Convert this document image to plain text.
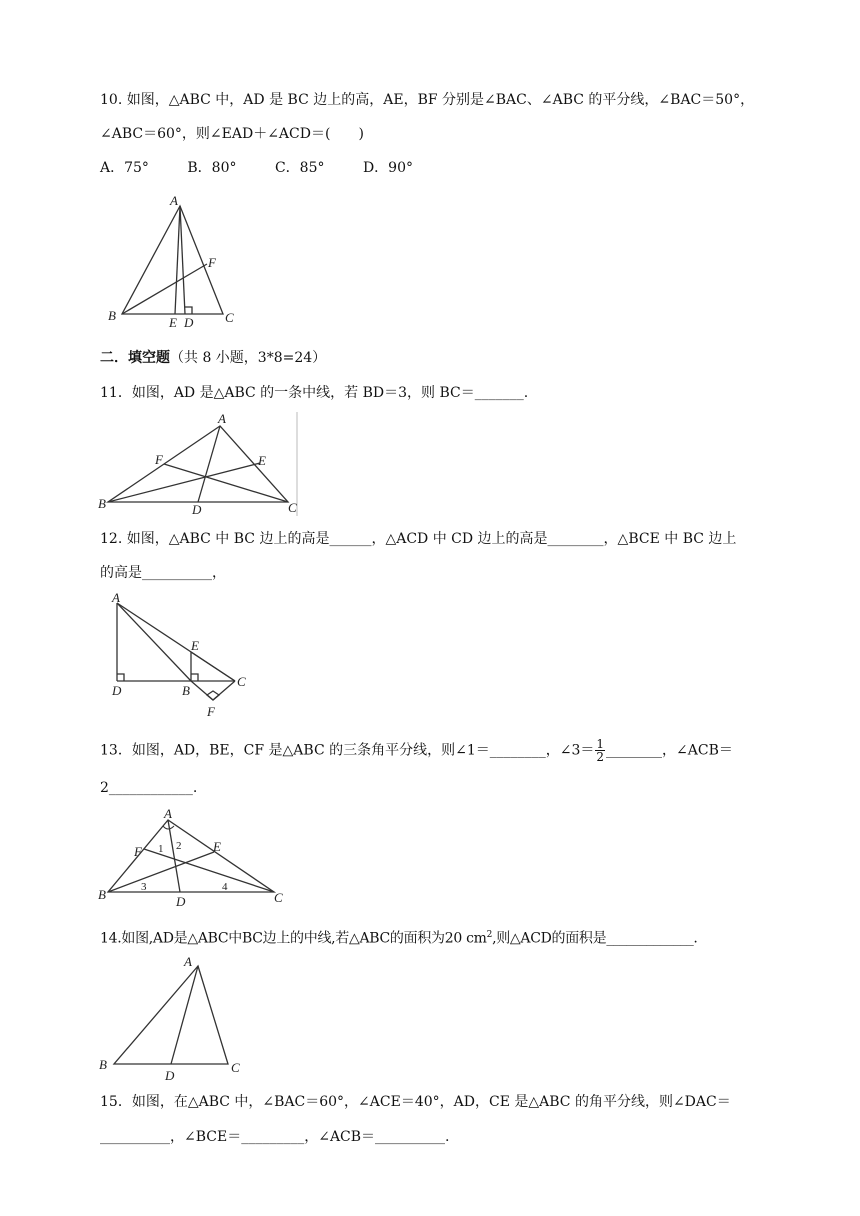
10. 如图，△ABC 中，AD 是 BC 边上的高，AE，BF 分别是∠BAC、∠ABC 的平分线，∠BAC＝50°，
∠ABC＝60°，则∠EAD＋∠ACD＝(　　)
A．75°	B．80°	C．85°	D．90°
A
B	C
D
E
F
二．填空题（共 8 小题，3*8=24）
11．如图，AD 是△ABC 的一条中线，若 BD＝3，则 BC＝_______.
A
B	C
D
E
F
12. 如图，△ABC 中 BC 边上的高是______，△ACD 中 CD 边上的高是________，△BCE 中 BC 边上
的高是__________，
A
D	B
E
C
F
13．如图，AD，BE，CF 是△ABC 的三条角平分线，则∠1＝________，∠3＝ $\frac{1}{2}$ ________，∠ACB＝
2____________.
A
B	C
D
E
F 1 2
3	4
14.如图,AD是△ABC中BC边上的中线,若△ABC的面积为20 $cm^2$,则△ACD的面积是_____________.
A
B	C
D
15．如图，在△ABC 中，∠BAC＝60°，∠ACE＝40°，AD，CE 是△ABC 的角平分线，则∠DAC＝
__________，∠BCE＝_________，∠ACB＝__________.
